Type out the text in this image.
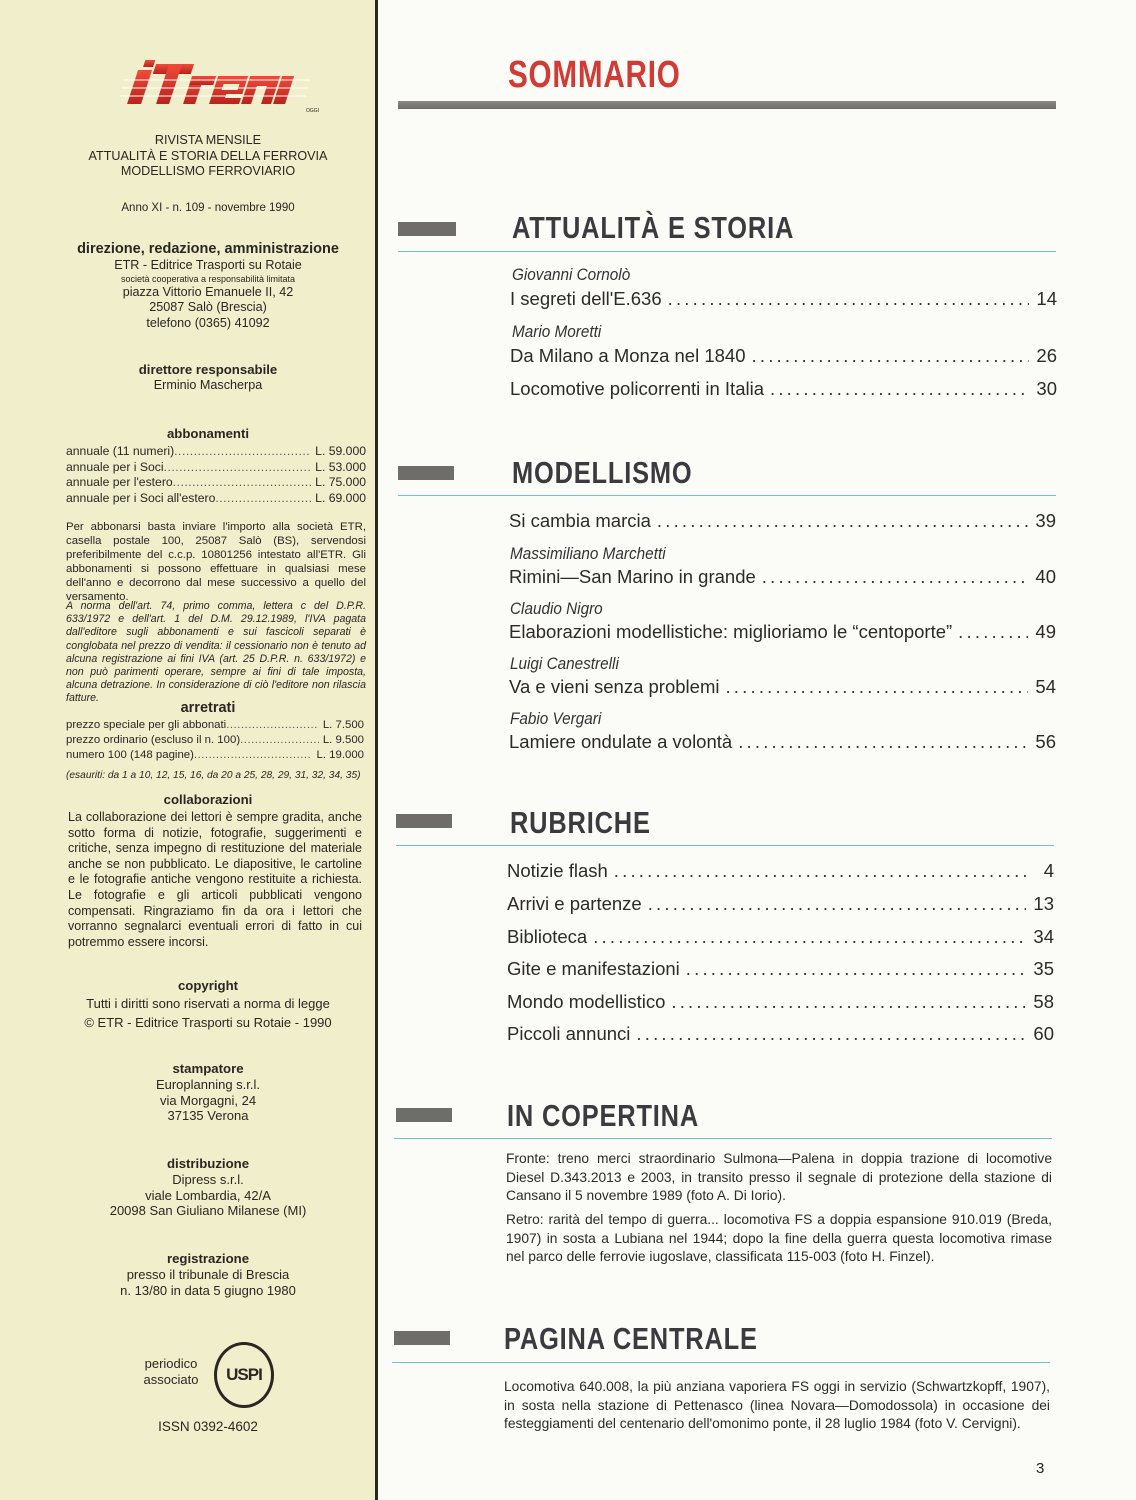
OGGI
RIVISTA MENSILE
ATTUALITÀ E STORIA DELLA FERROVIA
MODELLISMO FERROVIARIO
Anno XI - n. 109 - novembre 1990
direzione, redazione, amministrazione
ETR - Editrice Trasporti su Rotaie
società cooperativa a responsabilità limitata
piazza Vittorio Emanuele II, 42
25087 Salò (Brescia)
telefono (0365) 41092
direttore responsabile
Erminio Mascherpa
abbonamenti
annuale (11 numeri) .....	L. 59.000
annuale per i Soci .....	L. 53.000
annuale per l'estero .....	L. 75.000
annuale per i Soci all'estero .....	L. 69.000
Per abbonarsi basta inviare l'importo alla società ETR, casella postale 100, 25087 Salò (BS), servendosi preferibilmente del c.c.p. 10801256 intestato all'ETR. Gli abbonamenti si possono effettuare in qualsiasi mese dell'anno e decorrono dal mese successivo a quello del versamento.
A norma dell'art. 74, primo comma, lettera c del D.P.R. 633/1972 e dell'art. 1 del D.M. 29.12.1989, l'IVA pagata dall'editore sugli abbonamenti e sui fascicoli separati è conglobata nel prezzo di vendita: il cessionario non è tenuto ad alcuna registrazione ai fini IVA (art. 25 D.P.R. n. 633/1972) e non può parimenti operare, sempre ai fini di tale imposta, alcuna detrazione. In considerazione di ciò l'editore non rilascia fatture.
arretrati
prezzo speciale per gli abbonati .....	L. 7.500
prezzo ordinario (escluso il n. 100) .....	L. 9.500
numero 100 (148 pagine) .....	L. 19.000
(esauriti: da 1 a 10, 12, 15, 16, da 20 a 25, 28, 29, 31, 32, 34, 35)
collaborazioni
La collaborazione dei lettori è sempre gradita, anche sotto forma di notizie, fotografie, suggerimenti e critiche, senza impegno di restituzione del materiale anche se non pubblicato. Le diapositive, le cartoline e le fotografie antiche vengono restituite a richiesta. Le fotografie e gli articoli pubblicati vengono compensati. Ringraziamo fin da ora i lettori che vorranno segnalarci eventuali errori di fatto in cui potremmo essere incorsi.
copyright
Tutti i diritti sono riservati a norma di legge
© ETR - Editrice Trasporti su Rotaie - 1990
stampatore
Europlanning s.r.l.
via Morgagni, 24
37135 Verona
distribuzione
Dipress s.r.l.
viale Lombardia, 42/A
20098 San Giuliano Milanese (MI)
registrazione
presso il tribunale di Brescia
n. 13/80 in data 5 giugno 1980
periodico
associato	USPI
ISSN 0392-4602
SOMMARIO
ATTUALITÀ E STORIA
Giovanni Cornolò
I segreti dell'E.636 .....	14
Mario Moretti
Da Milano a Monza nel 1840 .....	26
Locomotive policorrenti in Italia .....	30
MODELLISMO
Si cambia marcia .....	39
Massimiliano Marchetti
Rimini—San Marino in grande .....	40
Claudio Nigro
Elaborazioni modellistiche: miglioriamo le “centoporte” .....	49
Luigi Canestrelli
Va e vieni senza problemi .....	54
Fabio Vergari
Lamiere ondulate a volontà .....	56
RUBRICHE
Notizie flash .....	4
Arrivi e partenze .....	13
Biblioteca .....	34
Gite e manifestazioni .....	35
Mondo modellistico .....	58
Piccoli annunci .....	60
IN COPERTINA
Fronte: treno merci straordinario Sulmona—Palena in doppia trazione di locomotive Diesel D.343.2013 e 2003, in transito presso il segnale di protezione della stazione di Cansano il 5 novembre 1989 (foto A. Di Iorio).
Retro: rarità del tempo di guerra... locomotiva FS a doppia espansione 910.019 (Breda, 1907) in sosta a Lubiana nel 1944; dopo la fine della guerra questa locomotiva rimase nel parco delle ferrovie iugoslave, classificata 115-003 (foto H. Finzel).
PAGINA CENTRALE
Locomotiva 640.008, la più anziana vaporiera FS oggi in servizio (Schwartzkopff, 1907), in sosta nella stazione di Pettenasco (linea Novara—Domodossola) in occasione dei festeggiamenti del centenario dell'omonimo ponte, il 28 luglio 1984 (foto V. Cervigni).
3
